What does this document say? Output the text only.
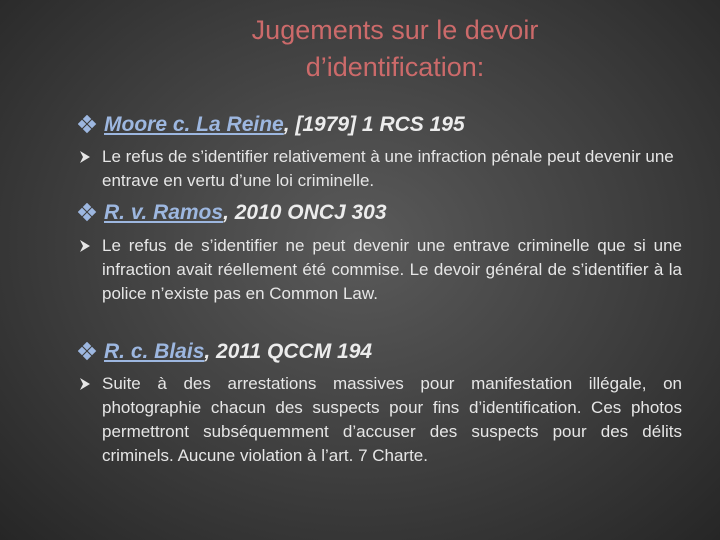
Jugements sur le devoir
d’identification:
Moore c. La Reine, [1979] 1 RCS 195
Le refus de s’identifier relativement à une infraction pénale peut devenir une entrave en vertu d’une loi criminelle.
R. v. Ramos, 2010 ONCJ 303
Le refus de s’identifier ne peut devenir une entrave criminelle que si une infraction avait réellement été commise. Le devoir général de s’identifier à la police n’existe pas en Common Law.
R. c. Blais, 2011 QCCM 194
Suite à des arrestations massives pour manifestation illégale, on photographie chacun des suspects pour fins d’identification. Ces photos permettront subséquemment d’accuser des suspects pour des délits criminels. Aucune violation à l’art. 7 Charte.
